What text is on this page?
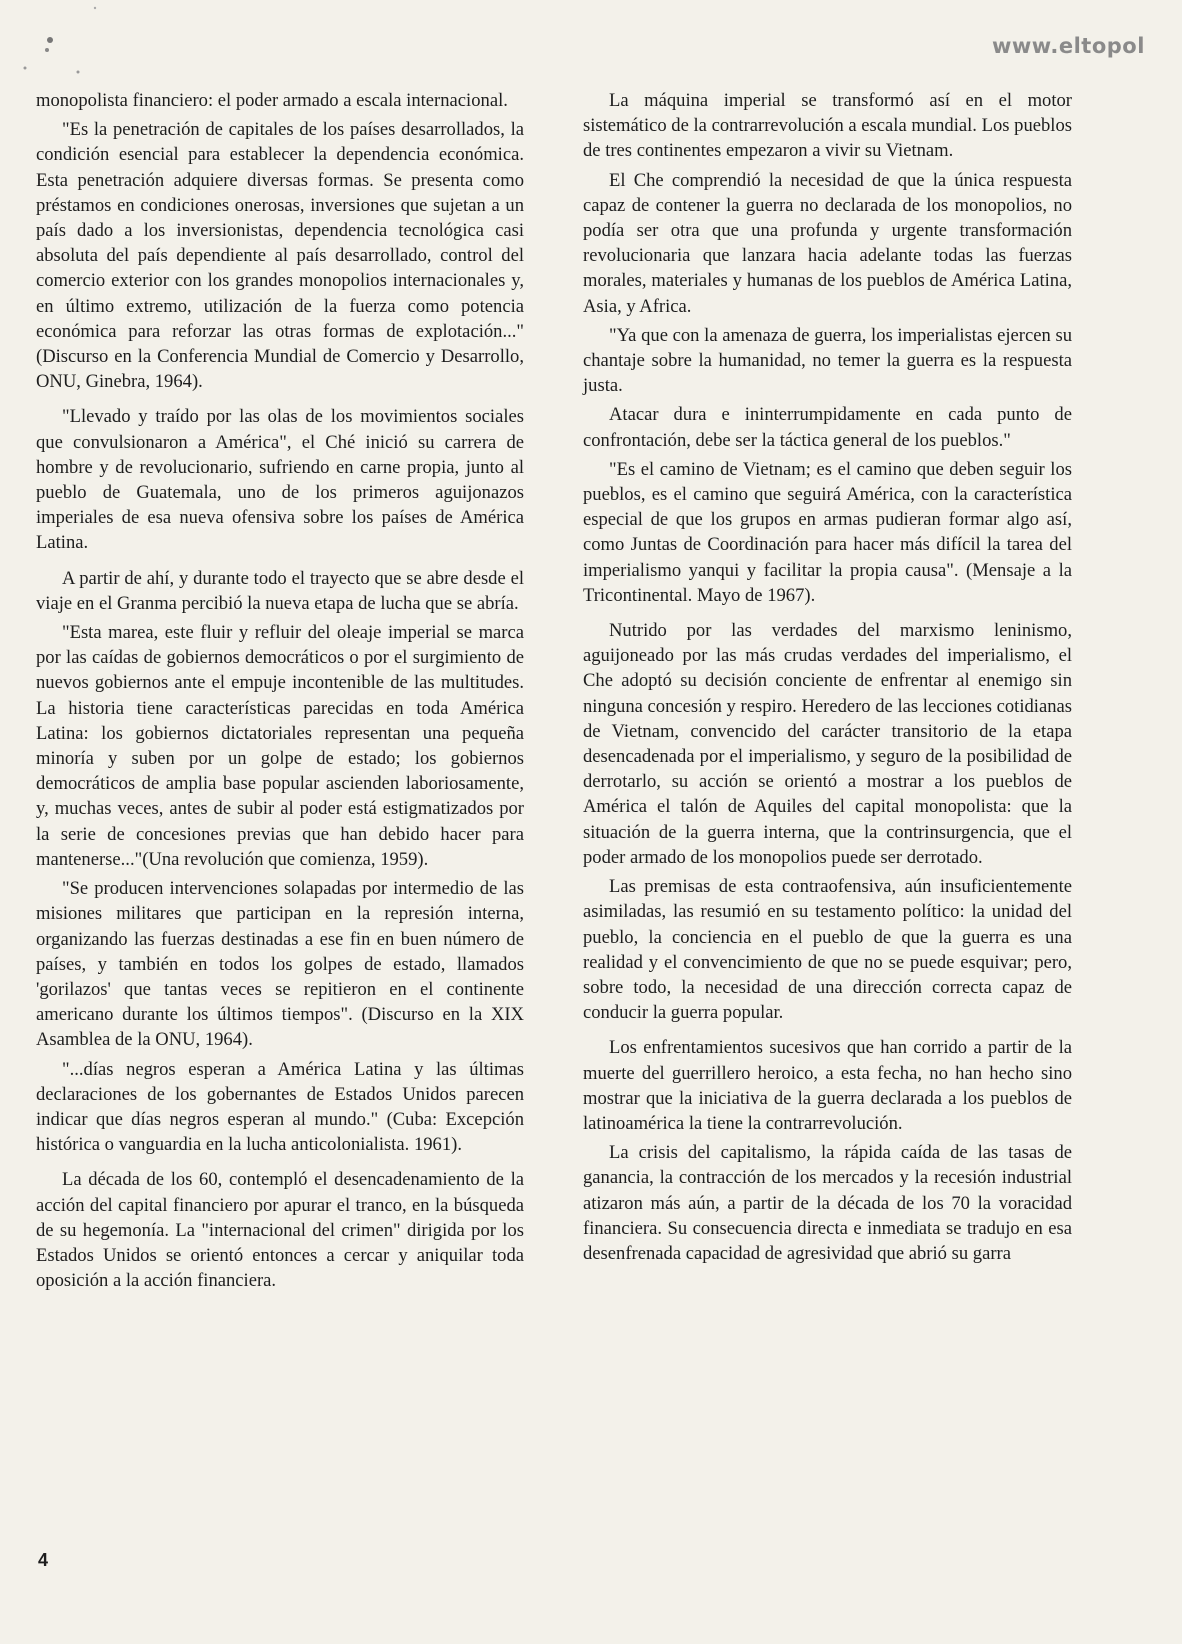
www.eltopol

monopolista financiero: el poder armado a escala internacional.

"Es la penetración de capitales de los países desarrollados, la condición esencial para establecer la dependencia económica. Esta penetración adquiere diversas formas. Se presenta como préstamos en condiciones onerosas, inversiones que sujetan a un país dado a los inversionistas, dependencia tecnológica casi absoluta del país dependiente al país desarrollado, control del comercio exterior con los grandes monopolios internacionales y, en último extremo, utilización de la fuerza como potencia económica para reforzar las otras formas de explotación..." (Discurso en la Conferencia Mundial de Comercio y Desarrollo, ONU, Ginebra, 1964).

"Llevado y traído por las olas de los movimientos sociales que convulsionaron a América", el Ché inició su carrera de hombre y de revolucionario, sufriendo en carne propia, junto al pueblo de Guatemala, uno de los primeros aguijonazos imperiales de esa nueva ofensiva sobre los países de América Latina.

A partir de ahí, y durante todo el trayecto que se abre desde el viaje en el Granma percibió la nueva etapa de lucha que se abría.

"Esta marea, este fluir y refluir del oleaje imperial se marca por las caídas de gobiernos democráticos o por el surgimiento de nuevos gobiernos ante el empuje incontenible de las multitudes. La historia tiene características parecidas en toda América Latina: los gobiernos dictatoriales representan una pequeña minoría y suben por un golpe de estado; los gobiernos democráticos de amplia base popular ascienden laboriosamente, y, muchas veces, antes de subir al poder está estigmatizados por la serie de concesiones previas que han debido hacer para mantenerse..."(Una revolución que comienza, 1959).

"Se producen intervenciones solapadas por intermedio de las misiones militares que participan en la represión interna, organizando las fuerzas destinadas a ese fin en buen número de países, y también en todos los golpes de estado, llamados 'gorilazos' que tantas veces se repitieron en el continente americano durante los últimos tiempos". (Discurso en la XIX Asamblea de la ONU, 1964).

"...días negros esperan a América Latina y las últimas declaraciones de los gobernantes de Estados Unidos parecen indicar que días negros esperan al mundo." (Cuba: Excepción histórica o vanguardia en la lucha anticolonialista. 1961).

La década de los 60, contempló el desencadenamiento de la acción del capital financiero por apurar el tranco, en la búsqueda de su hegemonía. La "internacional del crimen" dirigida por los Estados Unidos se orientó entonces a cercar y aniquilar toda oposición a la acción financiera.

La máquina imperial se transformó así en el motor sistemático de la contrarrevolución a escala mundial. Los pueblos de tres continentes empezaron a vivir su Vietnam.

El Che comprendió la necesidad de que la única respuesta capaz de contener la guerra no declarada de los monopolios, no podía ser otra que una profunda y urgente transformación revolucionaria que lanzara hacia adelante todas las fuerzas morales, materiales y humanas de los pueblos de América Latina, Asia, y Africa.

"Ya que con la amenaza de guerra, los imperialistas ejercen su chantaje sobre la humanidad, no temer la guerra es la respuesta justa.

Atacar dura e ininterrumpidamente en cada punto de confrontación, debe ser la táctica general de los pueblos."

"Es el camino de Vietnam; es el camino que deben seguir los pueblos, es el camino que seguirá América, con la característica especial de que los grupos en armas pudieran formar algo así, como Juntas de Coordinación para hacer más difícil la tarea del imperialismo yanqui y facilitar la propia causa". (Mensaje a la Tricontinental. Mayo de 1967).

Nutrido por las verdades del marxismo leninismo, aguijoneado por las más crudas verdades del imperialismo, el Che adoptó su decisión conciente de enfrentar al enemigo sin ninguna concesión y respiro. Heredero de las lecciones cotidianas de Vietnam, convencido del carácter transitorio de la etapa desencadenada por el imperialismo, y seguro de la posibilidad de derrotarlo, su acción se orientó a mostrar a los pueblos de América el talón de Aquiles del capital monopolista: que la situación de la guerra interna, que la contrinsurgencia, que el poder armado de los monopolios puede ser derrotado.

Las premisas de esta contraofensiva, aún insuficientemente asimiladas, las resumió en su testamento político: la unidad del pueblo, la conciencia en el pueblo de que la guerra es una realidad y el convencimiento de que no se puede esquivar; pero, sobre todo, la necesidad de una dirección correcta capaz de conducir la guerra popular.

Los enfrentamientos sucesivos que han corrido a partir de la muerte del guerrillero heroico, a esta fecha, no han hecho sino mostrar que la iniciativa de la guerra declarada a los pueblos de latinoamérica la tiene la contrarrevolución.

La crisis del capitalismo, la rápida caída de las tasas de ganancia, la contracción de los mercados y la recesión industrial atizaron más aún, a partir de la década de los 70 la voracidad financiera. Su consecuencia directa e inmediata se tradujo en esa desenfrenada capacidad de agresividad que abrió su garra

4
